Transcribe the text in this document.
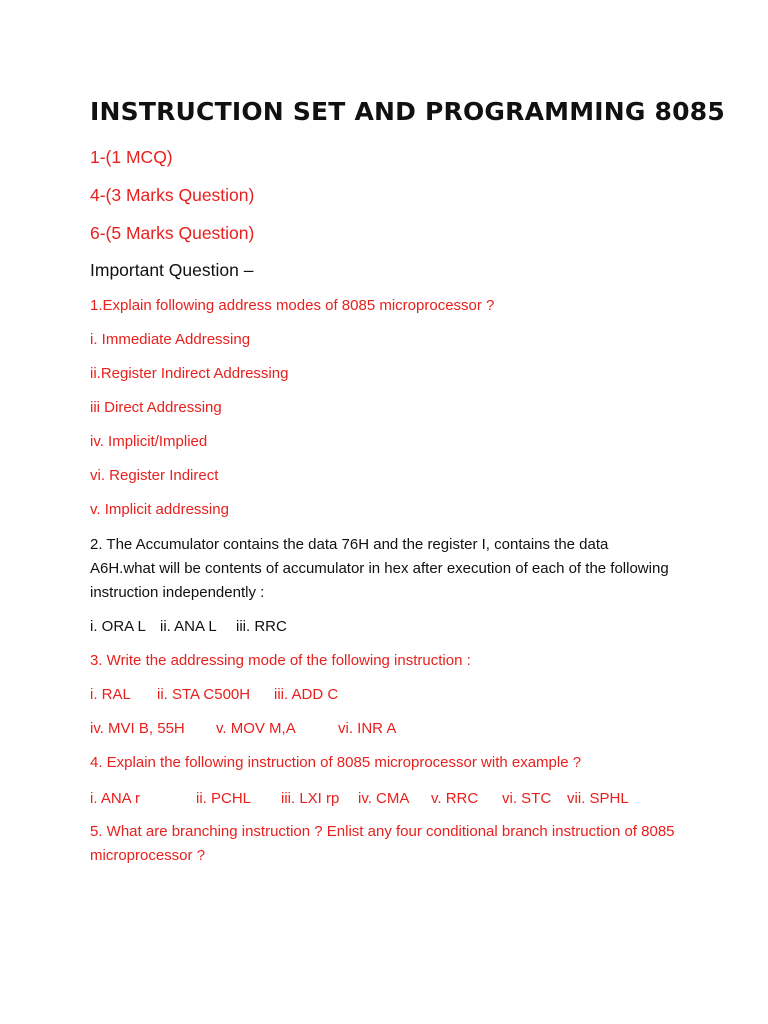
INSTRUCTION SET AND PROGRAMMING 8085
1-(1 MCQ)
4-(3 Marks Question)
6-(5 Marks Question)
Important Question –
1.Explain following address modes of 8085 microprocessor ?
i. Immediate Addressing
ii.Register Indirect Addressing
iii Direct Addressing
iv. Implicit/Implied
vi. Register Indirect
v. Implicit addressing
2. The Accumulator contains the data 76H and the register I, contains the data A6H.what will be contents of accumulator in hex after execution of each of the following instruction independently :
i. ORA L ii. ANA L iii. RRC
3. Write the addressing mode of the following instruction :
i. RAL ii. STA C500H iii. ADD C
iv. MVI B, 55H v. MOV M,A	vi. INR A
4. Explain the following instruction of 8085 microprocessor with example ?
i. ANA r	ii. PCHL iii. LXI rp iv. CMA v. RRC vi. STC vii. SPHL
5. What are branching instruction ? Enlist any four conditional branch instruction of 8085 microprocessor ?
